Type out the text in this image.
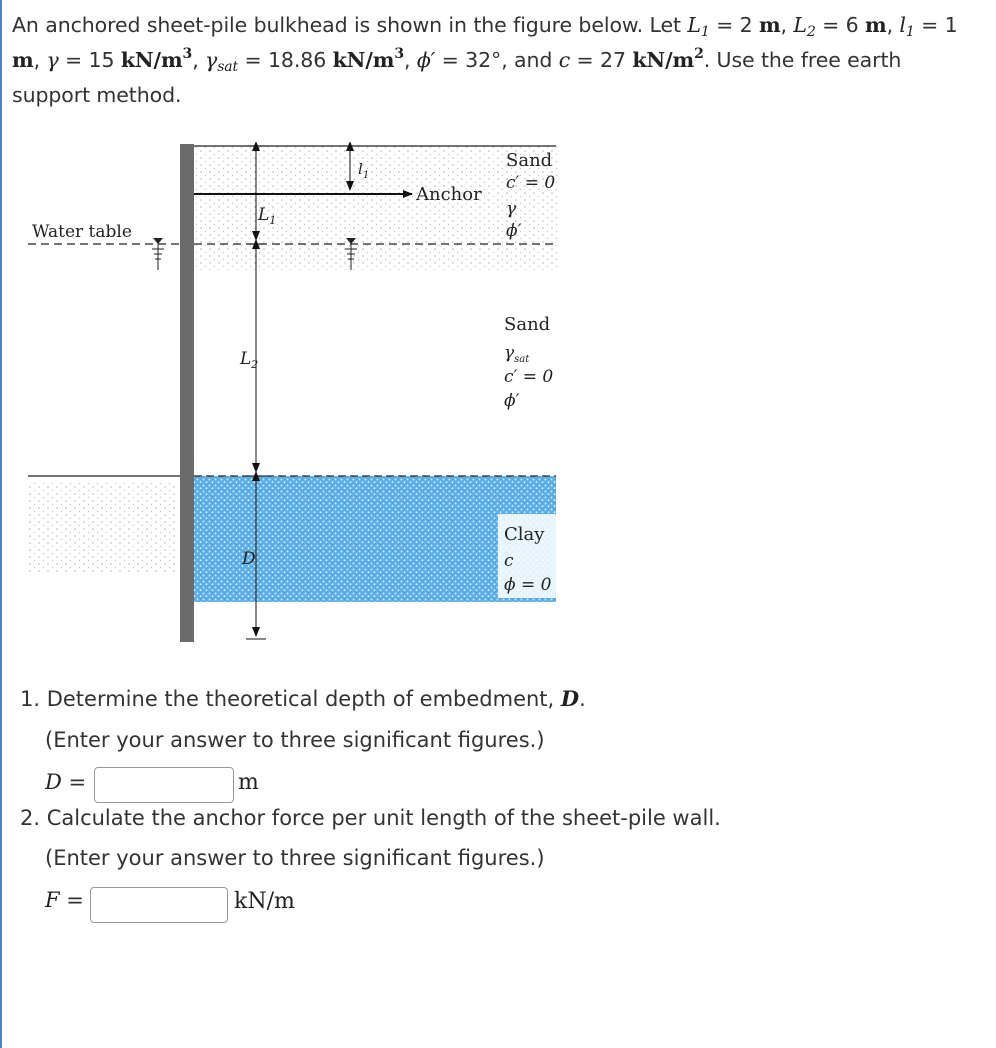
An anchored sheet-pile bulkhead is shown in the figure below. Let $L_1 = 2$ m, $L_2 = 6$ m, $l_1 = 1$
m, γ = 15 $kN/m^3$, $\gamma_{sat} = 18.86$ $kN/m^3$, ϕ′ = 32°, and c = 27 $kN/m^2$. Use the free earth
support method.
Water table
Anchor
$L_1$
$L_2$
D
$l_1$
Sand
c′ = 0
γ
ϕ′
Sand
$\gamma_{sat}$
c′ = 0
ϕ′
Clay
c
ϕ = 0
1. Determine the theoretical depth of embedment, D.
(Enter your answer to three significant figures.)
D =	m
2. Calculate the anchor force per unit length of the sheet-pile wall.
(Enter your answer to three significant figures.)
F =	kN/m
